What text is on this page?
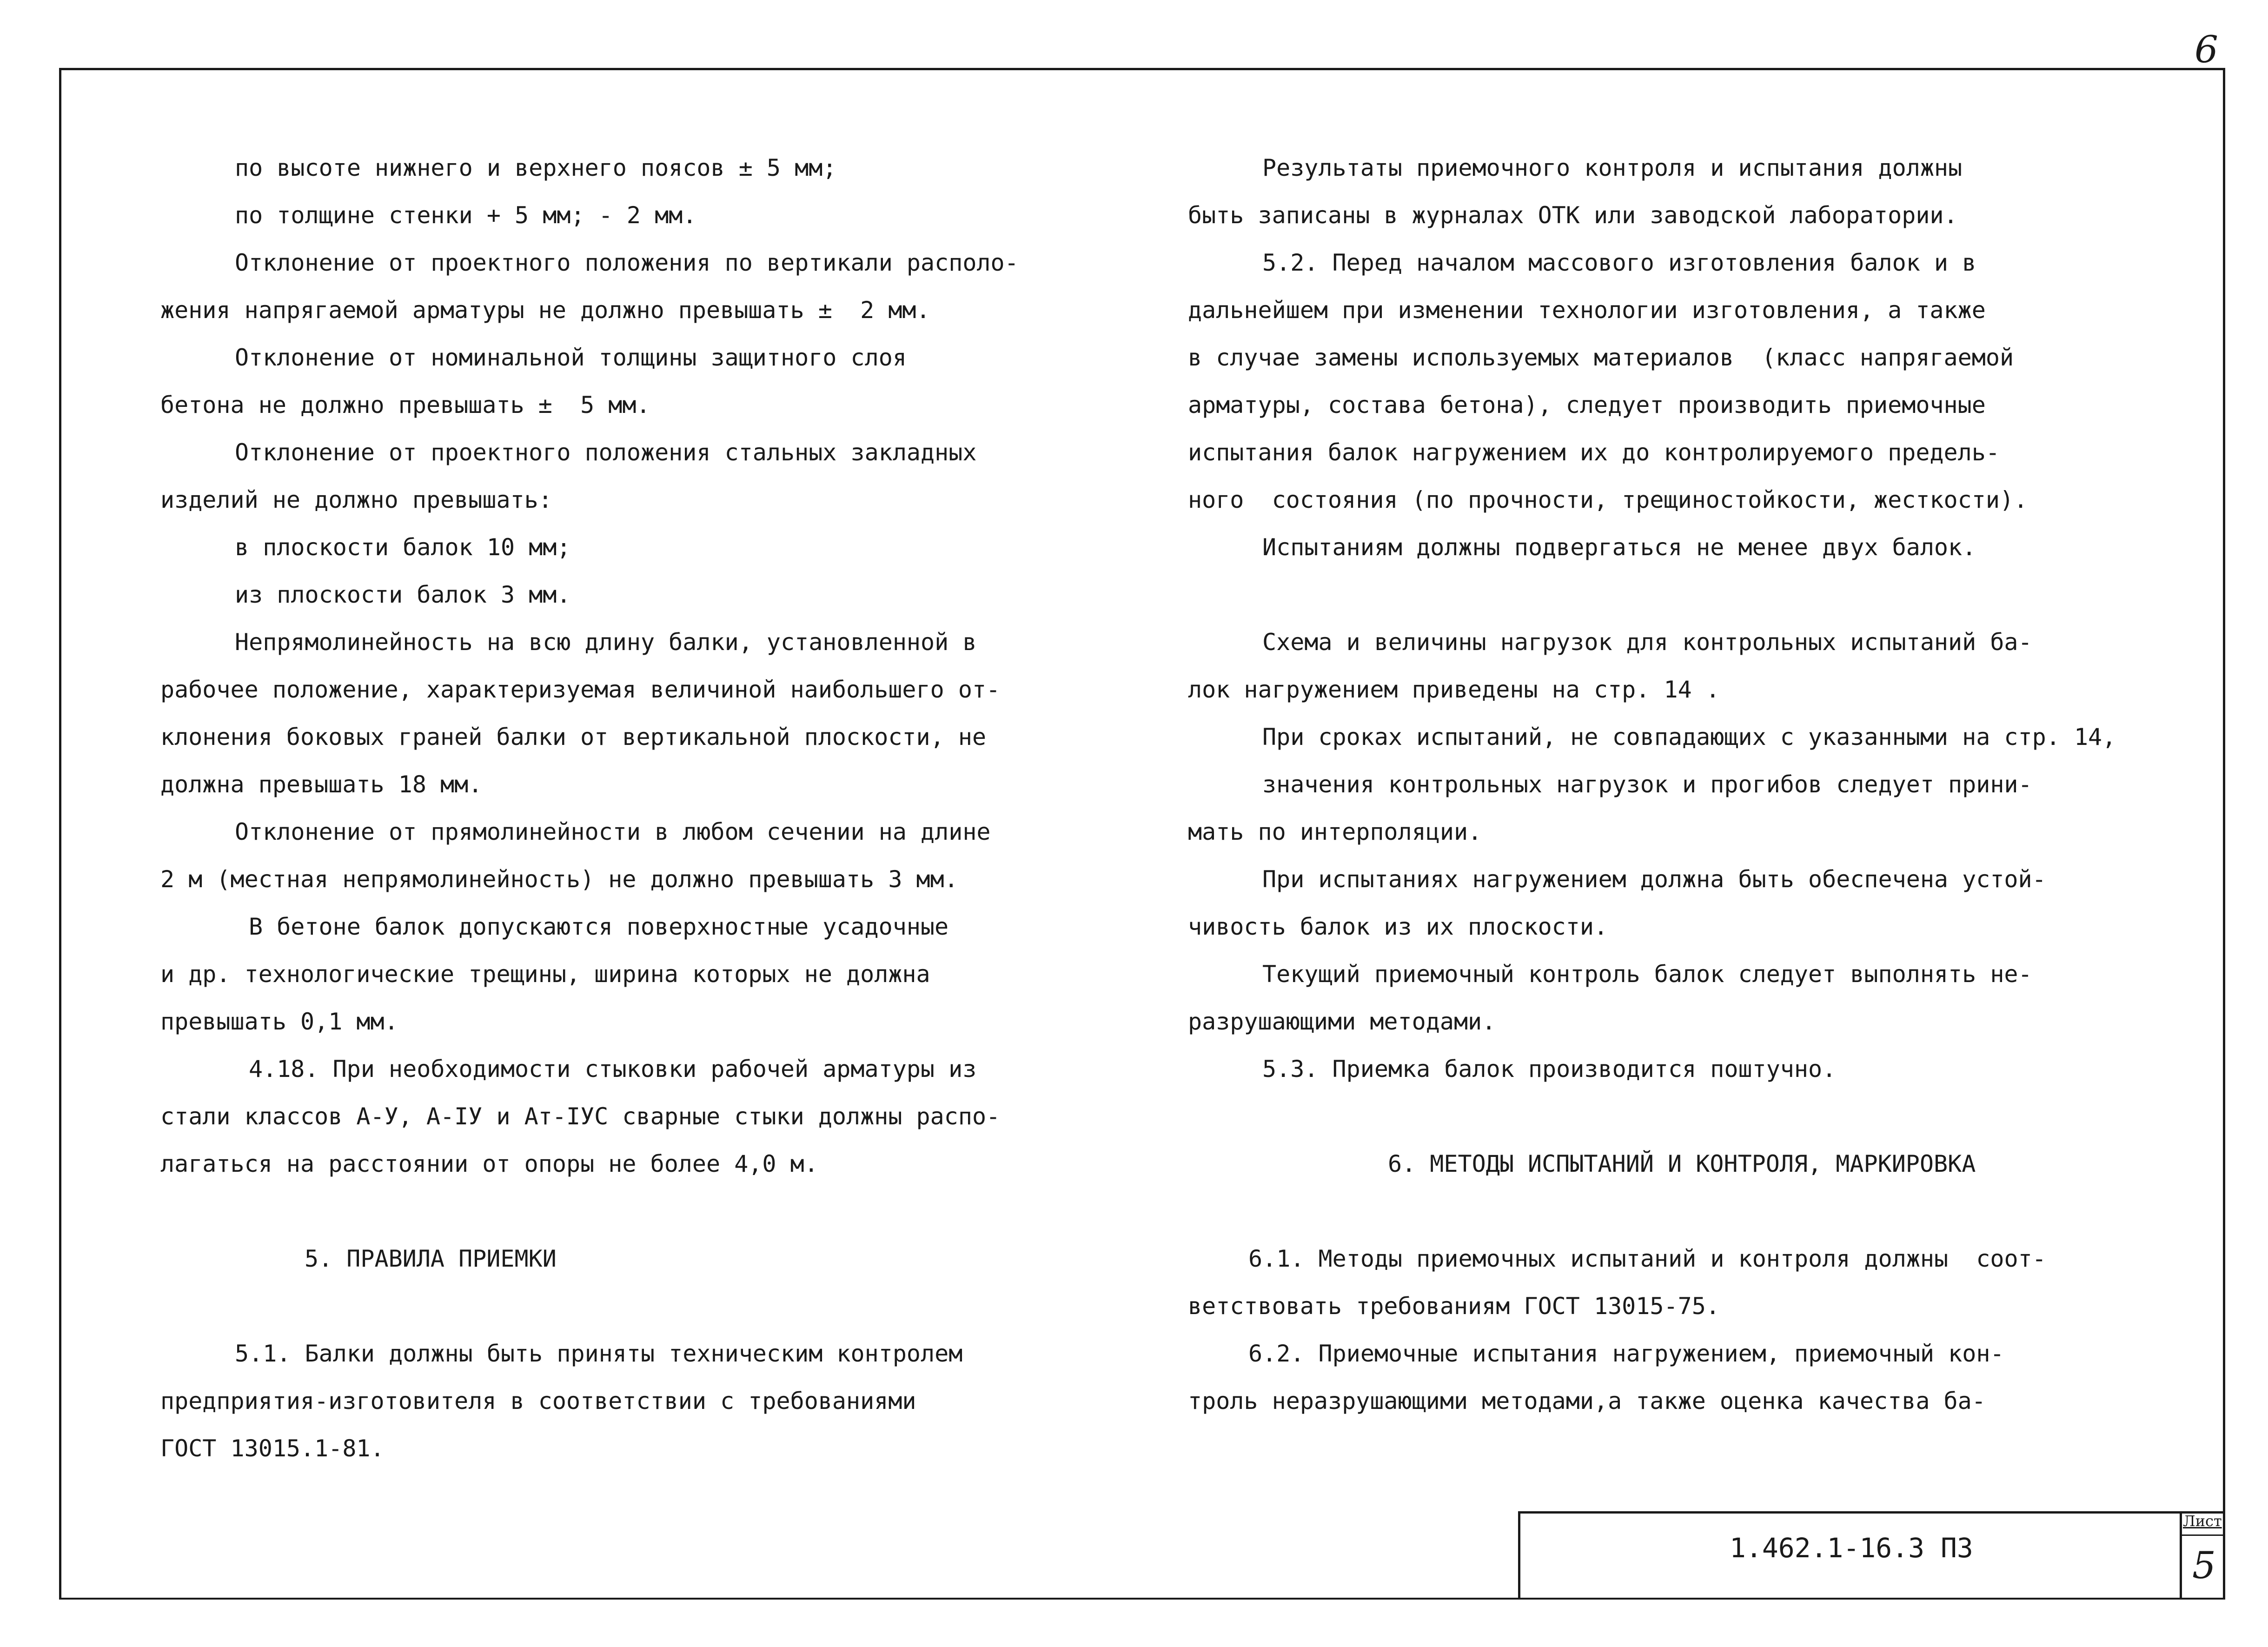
6
по высоте нижнего и верхнего поясов ± 5 мм;
по толщине стенки + 5 мм; - 2 мм.
Отклонение от проектного положения по вертикали располо-
жения напрягаемой арматуры не должно превышать ±  2 мм.
Отклонение от номинальной толщины защитного слоя
бетона не должно превышать ±  5 мм.
Отклонение от проектного положения стальных закладных
изделий не должно превышать:
в плоскости балок 10 мм;
из плоскости балок 3 мм.
Непрямолинейность на всю длину балки, установленной в
рабочее положение, характеризуемая величиной наибольшего от-
клонения боковых граней балки от вертикальной плоскости, не
должна превышать 18 мм.
Отклонение от прямолинейности в любом сечении на длине
2 м (местная непрямолинейность) не должно превышать 3 мм.
В бетоне балок допускаются поверхностные усадочные
и др. технологические трещины, ширина которых не должна
превышать 0,1 мм.
4.18. При необходимости стыковки рабочей арматуры из
стали классов А-У, А-IУ и Ат-IУС сварные стыки должны распо-
лагаться на расстоянии от опоры не более 4,0 м.
5. ПРАВИЛА ПРИЕМКИ
5.1. Балки должны быть приняты техническим контролем
предприятия-изготовителя в соответствии с требованиями
ГОСТ 13015.1-81.
Результаты приемочного контроля и испытания должны
быть записаны в журналах ОТК или заводской лаборатории.
5.2. Перед началом массового изготовления балок и в
дальнейшем при изменении технологии изготовления, а также
в случае замены используемых материалов  (класс напрягаемой
арматуры, состава бетона), следует производить приемочные
испытания балок нагружением их до контролируемого предель-
ного  состояния (по прочности, трещиностойкости, жесткости).
Испытаниям должны подвергаться не менее двух балок.
Схема и величины нагрузок для контрольных испытаний ба-
лок нагружением приведены на стр. 14 .
При сроках испытаний, не совпадающих с указанными на стр. 14,
значения контрольных нагрузок и прогибов следует прини-
мать по интерполяции.
При испытаниях нагружением должна быть обеспечена устой-
чивость балок из их плоскости.
Текущий приемочный контроль балок следует выполнять не-
разрушающими методами.
5.3. Приемка балок производится поштучно.
6. МЕТОДЫ ИСПЫТАНИЙ И КОНТРОЛЯ, МАРКИРОВКА
6.1. Методы приемочных испытаний и контроля должны  соот-
ветствовать требованиям ГОСТ 13015-75.
6.2. Приемочные испытания нагружением, приемочный кон-
троль неразрушающими методами,а также оценка качества ба-
1.462.1-16.3 ПЗ
Лист
5
